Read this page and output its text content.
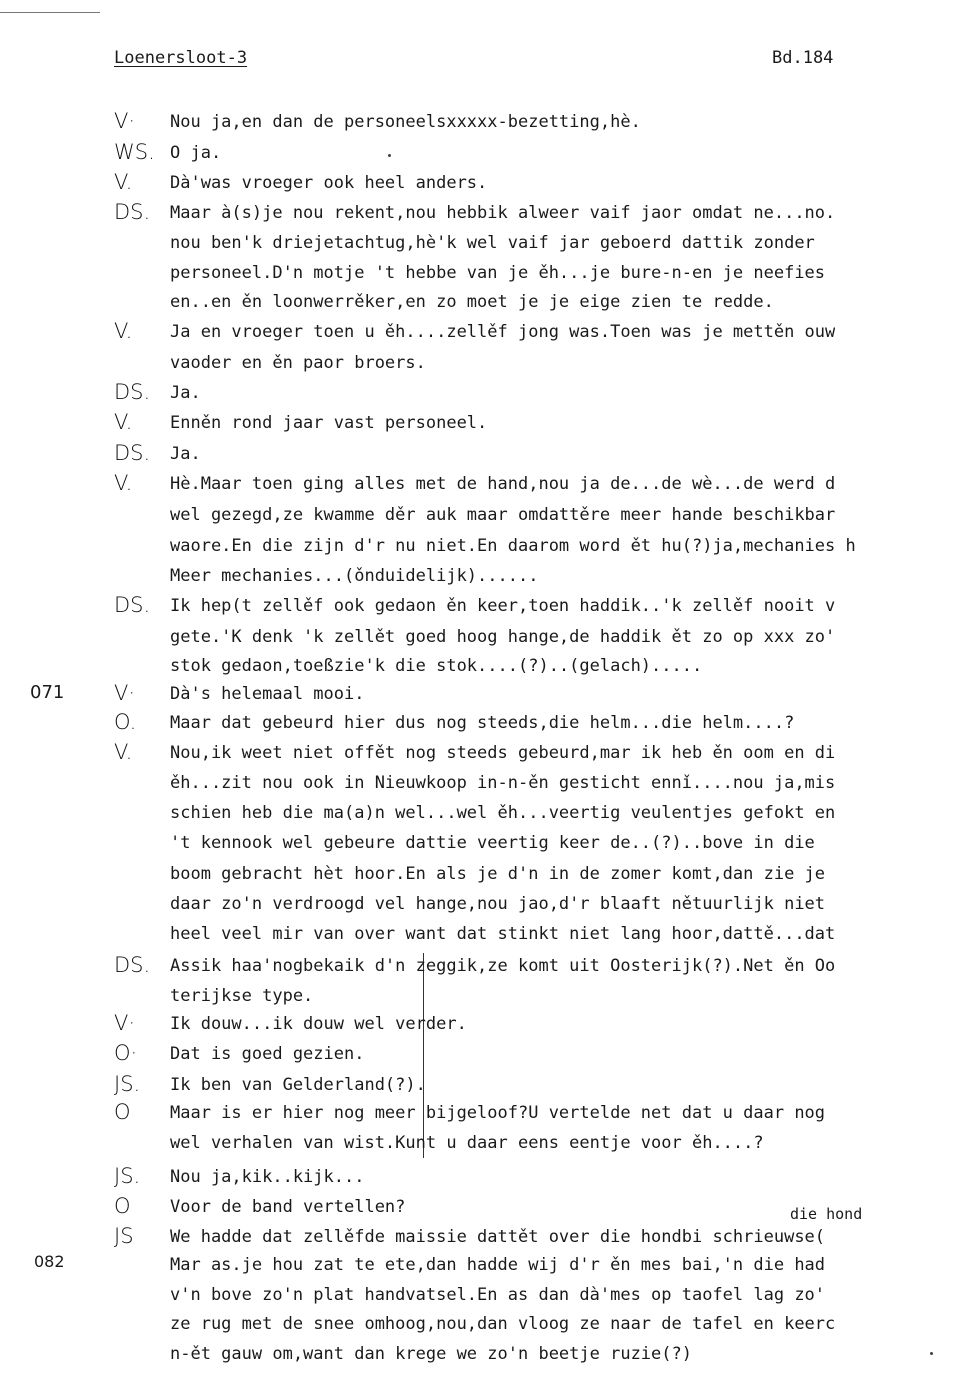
Loenersloot-3	Bd.184
071
082
die hond
V·	Nou ja,en dan de personeelsxxxxx-bezetting,hè.
WS. O ja.
V.	Dà'was vroeger ook heel anders.
DS.	Maar à(s)je nou rekent,nou hebbik alweer vaif jaor omdat ne...no.
nou ben'k driejetachtug,hè'k wel vaif jar geboerd dattik zonder
personeel.D'n motje 't hebbe van je ěh...je bure-n-en je neefies
en..en ěn loonwerrěker,en zo moet je je eige zien te redde.
V.	Ja en vroeger toen u ěh....zellěf jong was.Toen was je mettěn ouw
vaoder en ěn paor broers.
DS.	Ja.
V.	Enněn rond jaar vast personeel.
DS.	Ja.
V.	Hè.Maar toen ging alles met de hand,nou ja de...de wè...de werd d
wel gezegd,ze kwamme děr auk maar omdattěre meer hande beschikbar
waore.En die zijn d'r nu niet.En daarom word ět hu(?)ja,mechanies h
Meer mechanies...(ǒnduidelijk)......
DS.	Ik hep(t zellěf ook gedaon ěn keer,toen haddik..'k zellěf nooit v
gete.'K denk 'k zellět goed hoog hange,de haddik ět zo op xxx zo'
stok gedaon,toeßzie'k die stok....(?)..(gelach).....
V·	Dà's helemaal mooi.
O.	Maar dat gebeurd hier dus nog steeds,die helm...die helm....?
V.	Nou,ik weet niet offět nog steeds gebeurd,mar ik heb ěn oom en di
ěh...zit nou ook in Nieuwkoop in-n-ěn gesticht ennǐ....nou ja,mis
schien heb die ma(a)n wel...wel ěh...veertig veulentjes gefokt en
't kennook wel gebeure dattie veertig keer de..(?)..bove in die
boom gebracht hèt hoor.En als je d'n in de zomer komt,dan zie je
daar zo'n verdroogd vel hange,nou jao,d'r blaaft nětuurlijk niet
heel veel mir van over want dat stinkt niet lang hoor,dattě...dat
DS.	Assik haa'nogbekaik d'n zeggik,ze komt uit Oosterijk(?).Net ěn Oo
terijkse type.
V·	Ik douw...ik douw wel verder.
O·	Dat is goed gezien.
JS.	Ik ben van Gelderland(?).
O	Maar is er hier nog meer bijgeloof?U vertelde net dat u daar nog
wel verhalen van wist.Kunt u daar eens eentje voor ěh....?
JS.	Nou ja,kik..kijk...
O	Voor de band vertellen?
JS	We hadde dat zellěfde maissie dattět over die hondbi schrieuwse(
Mar as.je hou zat te ete,dan hadde wij d'r ěn mes bai,'n die had
v'n bove zo'n plat handvatsel.En as dan dà'mes op taofel lag zo'
ze rug met de snee omhoog,nou,dan vloog ze naar de tafel en keerc
n-ět gauw om,want dan krege we zo'n beetje ruzie(?)
